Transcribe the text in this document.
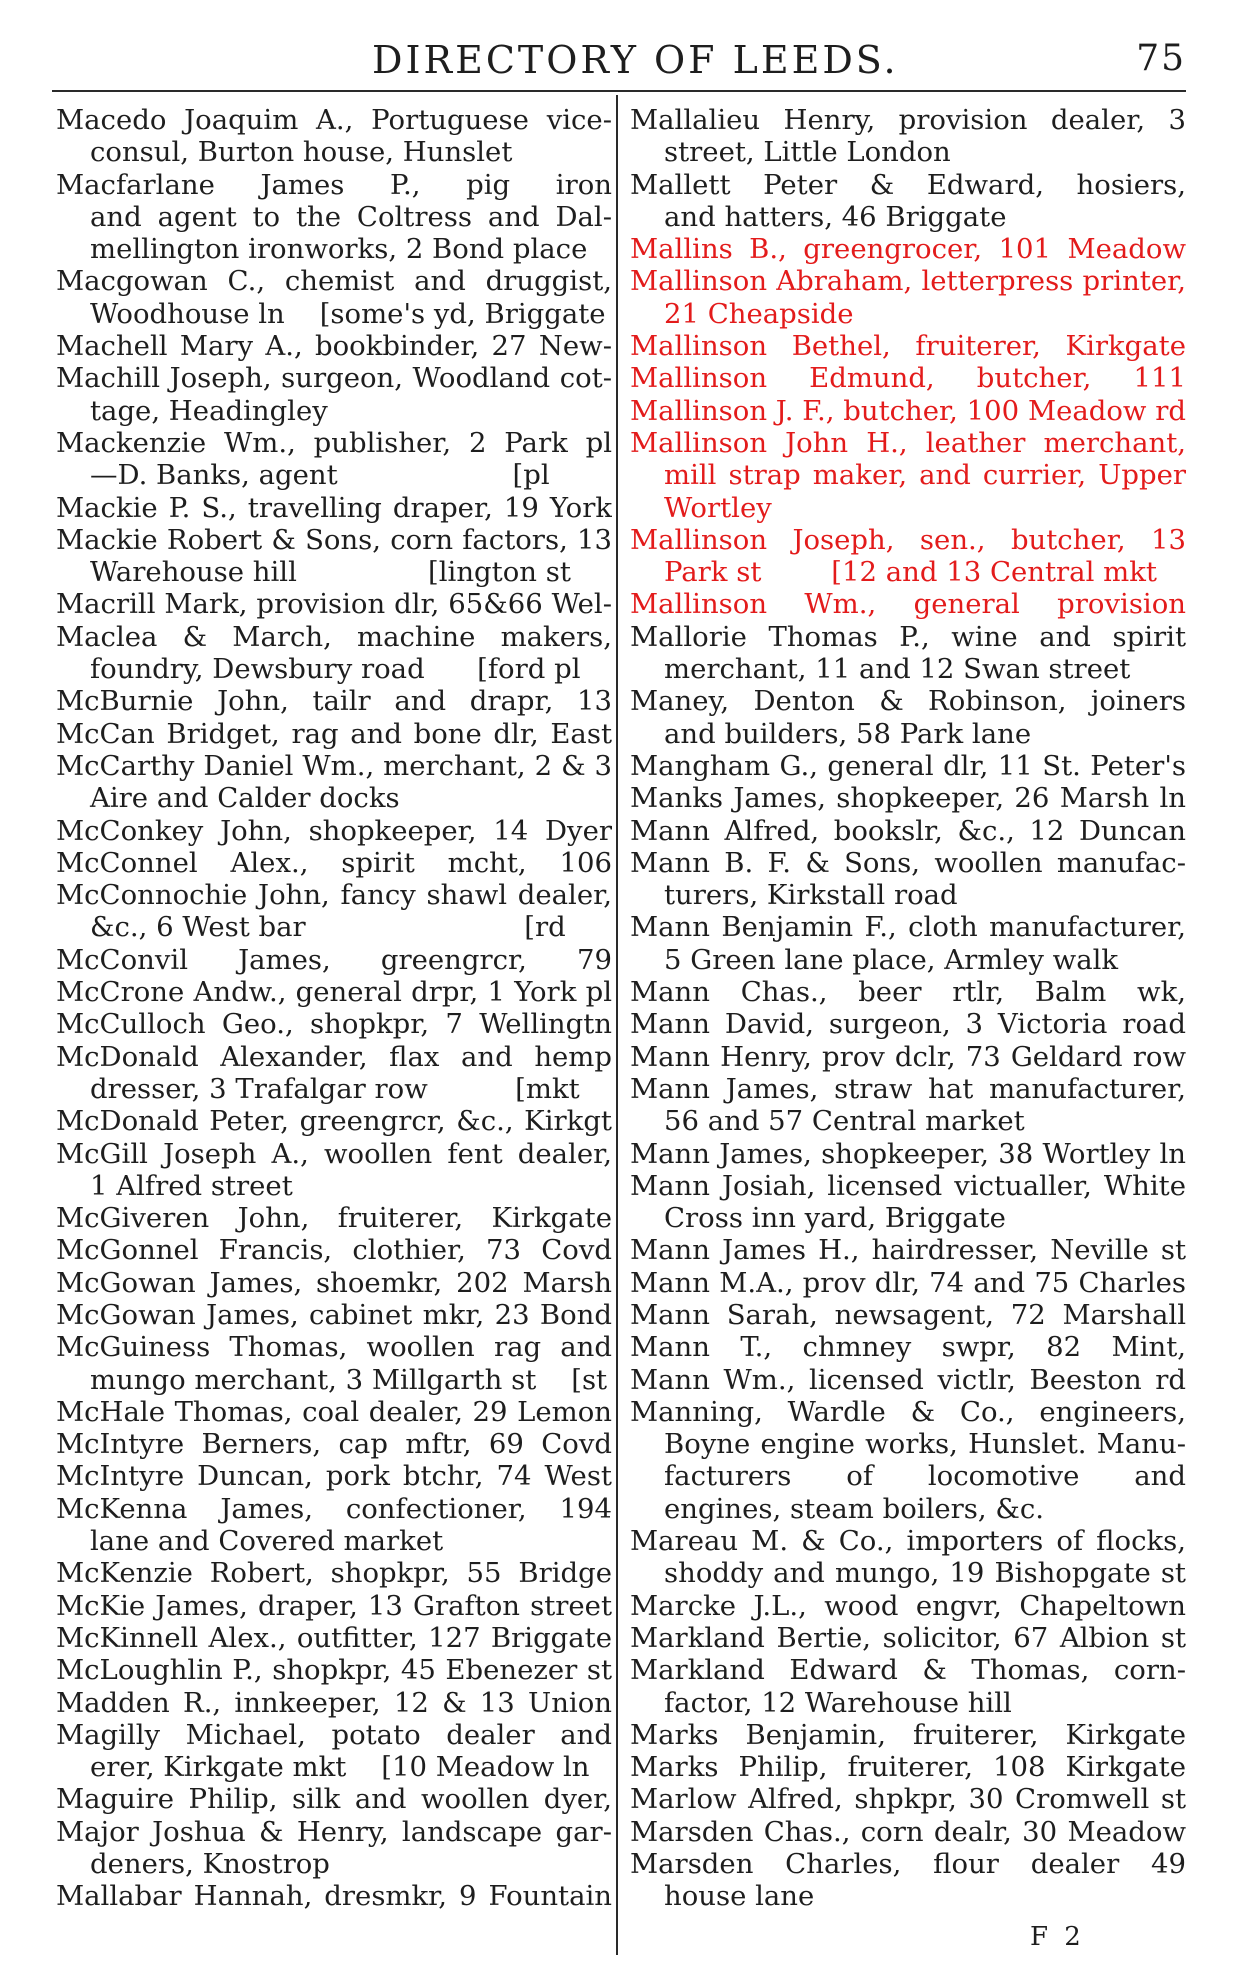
DIRECTORY OF LEEDS.	75
Macedo Joaquim A., Portuguese vice-
consul, Burton house, Hunslet
Macfarlane James P., pig iron
and agent to the Coltress and Dal-
mellington ironworks, 2 Bond place
Macgowan C., chemist and druggist,
Woodhouse ln    [some's yd, Briggate
Machell Mary A., bookbinder, 27 New-
Machill Joseph, surgeon, Woodland cot-
tage, Headingley
Mackenzie Wm., publisher, 2 Park pl
—D. Banks, agent                    [pl
Mackie P. S., travelling draper, 19 York
Mackie Robert & Sons, corn factors, 13
Warehouse hill               [lington st
Macrill Mark, provision dlr, 65&66 Wel-
Maclea & March, machine makers,
foundry, Dewsbury road      [ford pl
McBurnie John, tailr and drapr, 13
McCan Bridget, rag and bone dlr, East
McCarthy Daniel Wm., merchant, 2 & 3
Aire and Calder docks
McConkey John, shopkeeper, 14 Dyer
McConnel Alex., spirit mcht, 106
McConnochie John, fancy shawl dealer,
&c., 6 West bar                         [rd
McConvil James, greengrcr, 79
McCrone Andw., general drpr, 1 York pl
McCulloch Geo., shopkpr, 7 Wellingtn
McDonald Alexander, flax and hemp
dresser, 3 Trafalgar row          [mkt
McDonald Peter, greengrcr, &c., Kirkgt
McGill Joseph A., woollen fent dealer,
1 Alfred street
McGiveren John, fruiterer, Kirkgate
McGonnel Francis, clothier, 73 Covd
McGowan James, shoemkr, 202 Marsh
McGowan James, cabinet mkr, 23 Bond
McGuiness Thomas, woollen rag and
mungo merchant, 3 Millgarth st    [st
McHale Thomas, coal dealer, 29 Lemon
McIntyre Berners, cap mftr, 69 Covd
McIntyre Duncan, pork btchr, 74 West
McKenna James, confectioner, 194
lane and Covered market
McKenzie Robert, shopkpr, 55 Bridge
McKie James, draper, 13 Grafton street
McKinnell Alex., outfitter, 127 Briggate
McLoughlin P., shopkpr, 45 Ebenezer st
Madden R., innkeeper, 12 & 13 Union
Magilly Michael, potato dealer and
erer, Kirkgate mkt    [10 Meadow ln
Maguire Philip, silk and woollen dyer,
Major Joshua & Henry, landscape gar-
deners, Knostrop
Mallabar Hannah, dresmkr, 9 Fountain
Mallalieu Henry, provision dealer, 3
street, Little London
Mallett Peter & Edward, hosiers,
and hatters, 46 Briggate
Mallins B., greengrocer, 101 Meadow
Mallinson Abraham, letterpress printer,
21 Cheapside
Mallinson Bethel, fruiterer, Kirkgate
Mallinson Edmund, butcher, 111
Mallinson J. F., butcher, 100 Meadow rd
Mallinson John H., leather merchant,
mill strap maker, and currier, Upper
Wortley
Mallinson Joseph, sen., butcher, 13
Park st        [12 and 13 Central mkt
Mallinson Wm., general provision
Mallorie Thomas P., wine and spirit
merchant, 11 and 12 Swan street
Maney, Denton & Robinson, joiners
and builders, 58 Park lane
Mangham G., general dlr, 11 St. Peter's
Manks James, shopkeeper, 26 Marsh ln
Mann Alfred, bookslr, &c., 12 Duncan
Mann B. F. & Sons, woollen manufac-
turers, Kirkstall road
Mann Benjamin F., cloth manufacturer,
5 Green lane place, Armley walk
Mann Chas., beer rtlr, Balm wk,
Mann David, surgeon, 3 Victoria road
Mann Henry, prov dclr, 73 Geldard row
Mann James, straw hat manufacturer,
56 and 57 Central market
Mann James, shopkeeper, 38 Wortley ln
Mann Josiah, licensed victualler, White
Cross inn yard, Briggate
Mann James H., hairdresser, Neville st
Mann M.A., prov dlr, 74 and 75 Charles
Mann Sarah, newsagent, 72 Marshall
Mann T., chmney swpr, 82 Mint,
Mann Wm., licensed victlr, Beeston rd
Manning, Wardle & Co., engineers,
Boyne engine works, Hunslet. Manu-
facturers of locomotive and
engines, steam boilers, &c.
Mareau M. & Co., importers of flocks,
shoddy and mungo, 19 Bishopgate st
Marcke J.L., wood engvr, Chapeltown
Markland Bertie, solicitor, 67 Albion st
Markland Edward & Thomas, corn-
factor, 12 Warehouse hill
Marks Benjamin, fruiterer, Kirkgate
Marks Philip, fruiterer, 108 Kirkgate
Marlow Alfred, shpkpr, 30 Cromwell st
Marsden Chas., corn dealr, 30 Meadow
Marsden Charles, flour dealer 49
house lane
F 2
